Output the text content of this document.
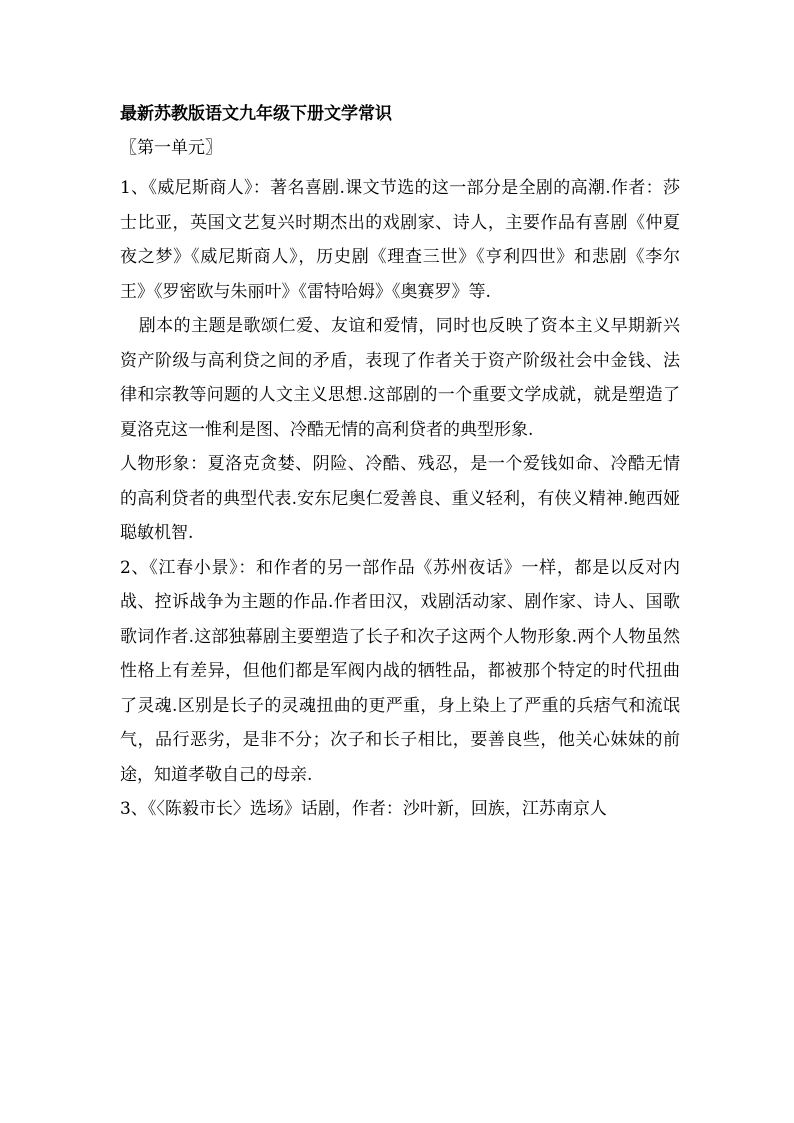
最新苏教版语文九年级下册文学常识
〖第一单元〗

1、《威尼斯商人》：著名喜剧.课文节选的这一部分是全剧的高潮.作者：莎士比亚，英国文艺复兴时期杰出的戏剧家、诗人，主要作品有喜剧《仲夏夜之梦》《威尼斯商人》，历史剧《理查三世》《亨利四世》和悲剧《李尔王》《罗密欧与朱丽叶》《雷特哈姆》《奥赛罗》等.

剧本的主题是歌颂仁爱、友谊和爱情，同时也反映了资本主义早期新兴资产阶级与高利贷之间的矛盾，表现了作者关于资产阶级社会中金钱、法律和宗教等问题的人文主义思想.这部剧的一个重要文学成就，就是塑造了夏洛克这一惟利是图、冷酷无情的高利贷者的典型形象.

人物形象：夏洛克贪婪、阴险、冷酷、残忍，是一个爱钱如命、冷酷无情的高利贷者的典型代表.安东尼奥仁爱善良、重义轻利，有侠义精神.鲍西娅聪敏机智.

2、《江春小景》：和作者的另一部作品《苏州夜话》一样，都是以反对内战、控诉战争为主题的作品.作者田汉，戏剧活动家、剧作家、诗人、国歌歌词作者.这部独幕剧主要塑造了长子和次子这两个人物形象.两个人物虽然性格上有差异，但他们都是军阀内战的牺牲品，都被那个特定的时代扭曲了灵魂.区别是长子的灵魂扭曲的更严重，身上染上了严重的兵痞气和流氓气，品行恶劣，是非不分；次子和长子相比，要善良些，他关心妹妹的前途，知道孝敬自己的母亲.

3、《〈陈毅市长〉选场》话剧，作者：沙叶新，回族，江苏南京人
